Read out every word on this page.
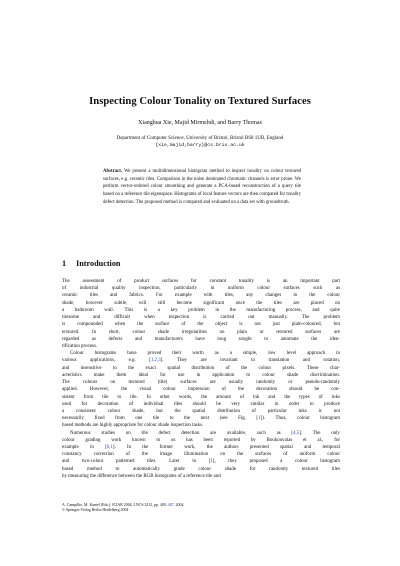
Inspecting Colour Tonality on Textured Surfaces
Xianghua Xie, Majid Mirmehdi, and Barry Thomas
Department of Computer Science, University of Bristol, Bristol BS8 1UB, England
{xie,majid,barry}@cs.bris.ac.uk
Abstract. We present a multidimensional histogram method to inspect tonality on colour textured surfaces, e.g. ceramic tiles. Comparison in the noise dominated chromatic channels is error prone. We perform vector-ordered colour smoothing and generate a PCA-based reconstruction of a query tile based on a reference tile eigenspace. Histograms of local feature vectors are then compared for tonality defect detection. The proposed method is compared and evaluated on a data set with groundtruth.
1 Introduction
The assessment of product surfaces for constant tonality is an important part
of industrial quality inspection, particularly in uniform colour surfaces such as
ceramic tiles and fabrics. For example with tiles, any changes in the colour
shade, however subtle, will still become significant once the tiles are placed on
a bathroom wall. This is a key problem in the manufacturing process, and quite
tiresome and difficult when inspection is carried out manually. The problem
is compounded when the surface of the object is not just plain-coloured, but
textured. In short, colour shade irregularities on plain or textured surfaces are
regarded as defects and manufacturers have long sought to automate the iden-
tification process.
Colour histograms have proved their worth as a simple, low level approach in
various applications, e.g. [1,2,3]. They are invariant to translation and rotation,
and insensitive to the exact spatial distribution of the colour pixels. These char-
acteristics make them ideal for use in application to colour shade discrimination.
The colours on textured (tile) surfaces are usually randomly or pseudo-randomly
applied. However, the visual colour impression of the decoration should be con-
sistent from tile to tile. In other words, the amount of ink and the types of inks
used for decoration of individual tiles should be very similar in order to produce
a consistent colour shade, but the spatial distribution of particular inks is not
necessarily fixed from one tile to the next (see Fig. [1]). Thus, colour histogram
based methods are highly appropriate for colour shade inspection tasks.
Numerous studies on tile defect detection are available, such as [4,5]. The only
colour grading work known to us has been reported by Boukouvalas et al., for
example in [6,1]. In the former work, the authors presented spatial and temporal
constancy correction of the image illumination on the surfaces of uniform colour
and two-colour patterned tiles. Later in [1], they proposed a colour histogram
based method to automatically grade colour shade for randomly textured tiles
by measuring the difference between the RGB histograms of a reference tile and
A. Campilho, M. Kamel (Eds.): ICIAR 2004, LNCS 3212, pp. 400–407, 2004.
© Springer-Verlag Berlin Heidelberg 2004
